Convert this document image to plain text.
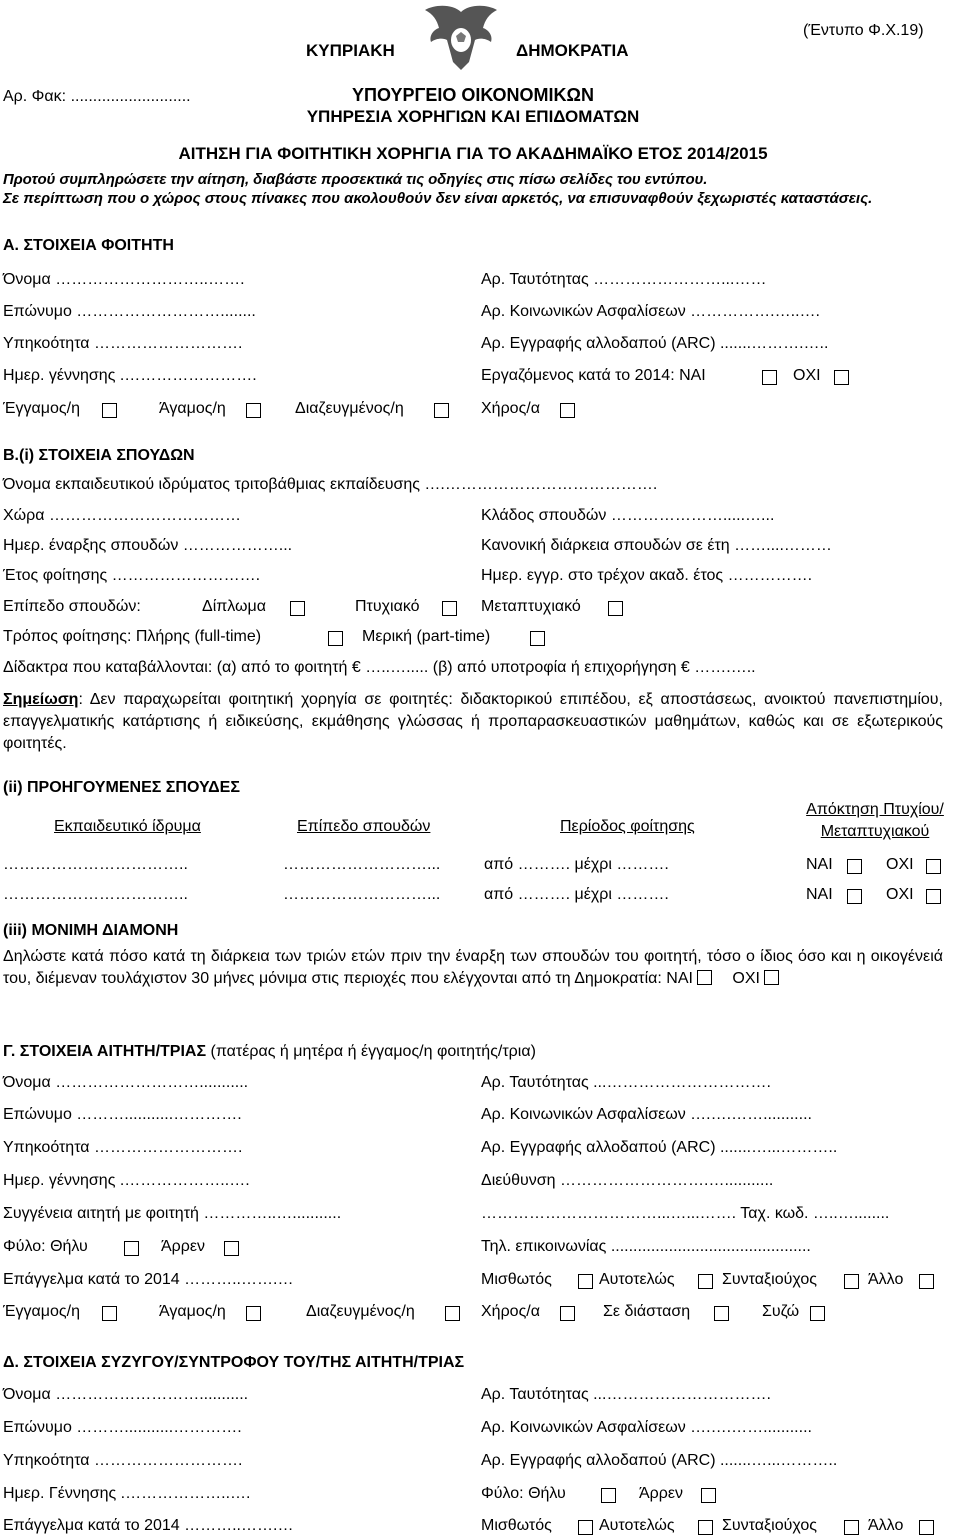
ΚΥΠΡΙΑΚΗ	ΔΗΜΟΚΡΑΤΙΑ
(Έντυπο Φ.Χ.19)
Αρ. Φακ: ...........................	ΥΠΟΥΡΓΕΙΟ ΟΙΚΟΝΟΜΙΚΩΝ
ΥΠΗΡΕΣΙΑ ΧΟΡΗΓΙΩΝ ΚΑΙ ΕΠΙΔΟΜΑΤΩΝ
ΑΙΤΗΣΗ ΓΙΑ ΦΟΙΤΗΤΙΚΗ ΧΟΡΗΓΙΑ ΓΙΑ ΤΟ ΑΚΑΔΗΜΑΪΚΟ ΕΤΟΣ 2014/2015
Προτού συμπληρώσετε την αίτηση, διαβάστε προσεκτικά τις οδηγίες στις πίσω σελίδες του εντύπου.
Σε περίπτωση που ο χώρος στους πίνακες που ακολουθούν δεν είναι αρκετός, να επισυναφθούν ξεχωριστές καταστάσεις.
Α. ΣΤΟΙΧΕΙΑ ΦΟΙΤΗΤΗ
Όνομα ………………………..…….	Αρ. Ταυτότητας ……………………...……
Επώνυμο ………………………........	Αρ. Κοινωνικών Ασφαλίσεων …………….…..….
Υπηκοότητα ……………………….	Αρ. Εγγραφής αλλοδαπού (ARC) .......……….…..
Ημερ. γέννησης .…………………….	Εργαζόμενος κατά το 2014: ΝΑΙ	ΟΧΙ
Έγγαμος/η	Άγαμος/η	Διαζευγμένος/η	Χήρος/α
Β.(i) ΣΤΟΙΧΕΙΑ ΣΠΟΥΔΩΝ
Όνομα εκπαιδευτικού ιδρύματος τριτοβάθμιας εκπαίδευσης ….………………………………….
Χώρα ………………………………	Κλάδος σπουδών ………………….....…...
Ημερ. έναρξης σπουδών ………………...	Κανονική διάρκεια σπουδών σε έτη ……....………
Έτος φοίτησης ……………………….	Ημερ. εγγρ. στο τρέχον ακαδ. έτος …………….
Επίπεδο σπουδών:	Δίπλωμα	Πτυχιακό	Μεταπτυχιακό
Τρόπος φοίτησης: Πλήρης (full-time)	Μερική (part-time)
Δίδακτρα που καταβάλλονται: (α) από το φοιτητή € …..…..... (β) από υποτροφία ή επιχορήγηση € …….…..
Σημείωση: Δεν παραχωρείται φοιτητική χορηγία σε φοιτητές: διδακτορικού επιπέδου, εξ αποστάσεως, ανοικτού πανεπιστημίου, επαγγελματικής κατάρτισης ή ειδικεύσης, εκμάθησης γλώσσας ή προπαρασκευαστικών μαθημάτων, καθώς και σε εξωτερικούς φοιτητές.
(ii) ΠΡΟΗΓΟΥΜΕΝΕΣ ΣΠΟΥΔΕΣ
Εκπαιδευτικό ίδρυμα	Επίπεδο σπουδών	Περίοδος φοίτησης
Απόκτηση Πτυχίου/
Μεταπτυχιακού
……………………………..	………………………...	από ………. μέχρι ……….	ΝΑΙ	ΟΧΙ
……………………………..	………………………...	από ………. μέχρι ……….	ΝΑΙ	ΟΧΙ
(iii) ΜΟΝΙΜΗ ΔΙΑΜΟΝΗ
Δηλώστε κατά πόσο κατά τη διάρκεια των τριών ετών πριν την έναρξη των σπουδών του φοιτητή, τόσο ο ίδιος όσο και η οικογένειά του, διέμεναν τουλάχιστον 30 μήνες μόνιμα στις περιοχές που ελέγχονται από τη Δημοκρατία: ΝΑΙ ΟΧΙ
Γ. ΣΤΟΙΧΕΙΑ ΑΙΤΗΤΗ/ΤΡΙΑΣ (πατέρας ή μητέρα ή έγγαμος/η φοιτητής/τρια)
Όνομα ………………………...........	Αρ. Ταυτότητας ...………………………….
Επώνυμο ………...........………….	Αρ. Κοινωνικών Ασφαλίσεων ….….……...........
Υπηκοότητα ……………………….	Αρ. Εγγραφής αλλοδαπού (ARC) .......…...………..
Ημερ. γέννησης .………………..….	Διεύθυνση ……………………….…...........
Συγγένεια αιτητή με φοιτητή …………..…...........	……………………………...…...……. Ταχ. κωδ. …..…........
Φύλο: Θήλυ	Άρρεν	Τηλ. επικοινωνίας .............................................
Επάγγελμα κατά το 2014 ………..…….…	Μισθωτός	Αυτοτελώς	Συνταξιούχος	Άλλο
Έγγαμος/η	Άγαμος/η	Διαζευγμένος/η	Χήρος/α	Σε διάσταση	Συζώ
Δ. ΣΤΟΙΧΕΙΑ ΣΥΖΥΓΟΥ/ΣΥΝΤΡΟΦΟΥ ΤΟΥ/ΤΗΣ ΑΙΤΗΤΗ/ΤΡΙΑΣ
Όνομα ………………………...........	Αρ. Ταυτότητας ...………………………….
Επώνυμο ………...........………….	Αρ. Κοινωνικών Ασφαλίσεων ….….……...........
Υπηκοότητα ……………………….	Αρ. Εγγραφής αλλοδαπού (ARC) .......…...………..
Ημερ. Γέννησης .………………..….	Φύλο: Θήλυ	Άρρεν
Επάγγελμα κατά το 2014 ………..…….…	Μισθωτός	Αυτοτελώς	Συνταξιούχος	Άλλο
